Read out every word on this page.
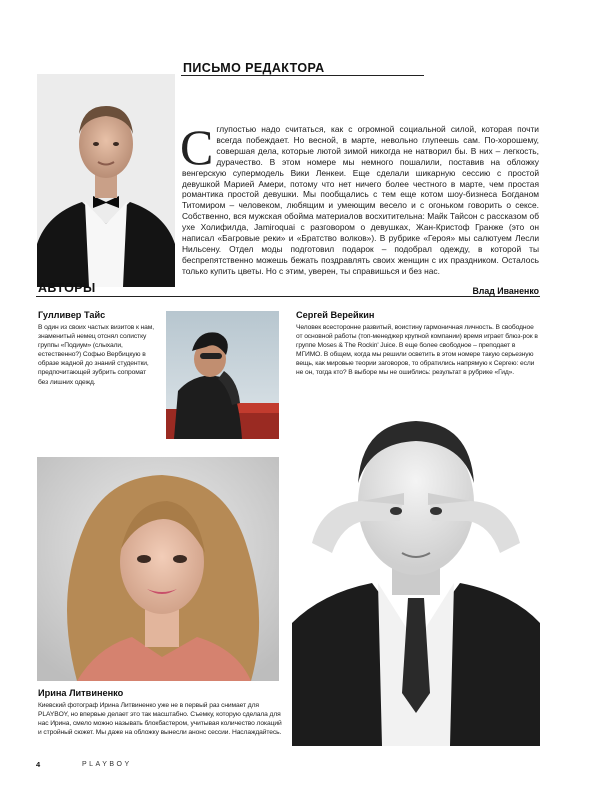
ПИСЬМО РЕДАКТОРА
Сглупостью надо считаться, как с огромной социальной силой, которая почти всегда побеждает. Но весной, в марте, невольно глупеешь сам. По-хорошему, совершая дела, которые лютой зимой никогда не натворил бы. В них – легкость, дурачество. В этом номере мы немного пошалили, поставив на обложку венгерскую супермодель Вики Ленкеи. Еще сделали шикарную сессию с простой девушкой Марией Амери, потому что нет ничего более честного в марте, чем простая романтика простой девушки. Мы пообщались с тем еще котом шоу-бизнеса Богданом Титомиром – человеком, любящим и умеющим весело и с огоньком говорить о сексе. Собственно, вся мужская обойма материалов восхитительна: Майк Тайсон с рассказом об уxe Холифилда, Jamiroquai с разговором о девушках, Жан-Кристоф Гранже (это он написал «Багровые реки» и «Братство волков»). В рубрике «Героя» мы салютуем Лесли Нильсену. Отдел моды подготовил подарок – подобрал одежду, в которой ты беспрепятственно можешь бежать поздравлять своих женщин с их праздником. Осталось только купить цветы. Но с этим, уверен, ты справишься и без нас.
Влад Иваненко
АВТОРЫ
Гулливер Тайс
В один из своих частых визитов к нам, знаменитый немец отснял солистку группы «Подиум» (слыхали, естественно?) Софью Вербицкую в образе жадной до знаний студентки, предпочитающей зубрить сопромат без лишних одежд.
Сергей Верейкин
Человек всесторонне развитый, воистину гармоничная личность. В свободное от основной работы (топ-менеджер крупной компании) время играет блюз-рок в группе Moses & The Rockin' Juice. В еще более свободное – преподает в МГИМО. В общем, когда мы решили осветить в этом номере такую серьезную вещь, как мировые теории заговоров, то обратились напрямую к Сергею: если не он, тогда кто? В выборе мы не ошиблись: результат в рубрике «Гид».
Ирина Литвиненко
Киевский фотограф Ирина Литвиненко уже не в первый раз снимает для PLAYBOY, но впервые делает это так масштабно. Съемку, которую сделала для нас Ирина, смело можно называть блокбастером, учитывая количество локаций и стройный сюжет. Мы даже на обложку вынесли анонс сессии. Наслаждайтесь.
4	PLAYBOY
